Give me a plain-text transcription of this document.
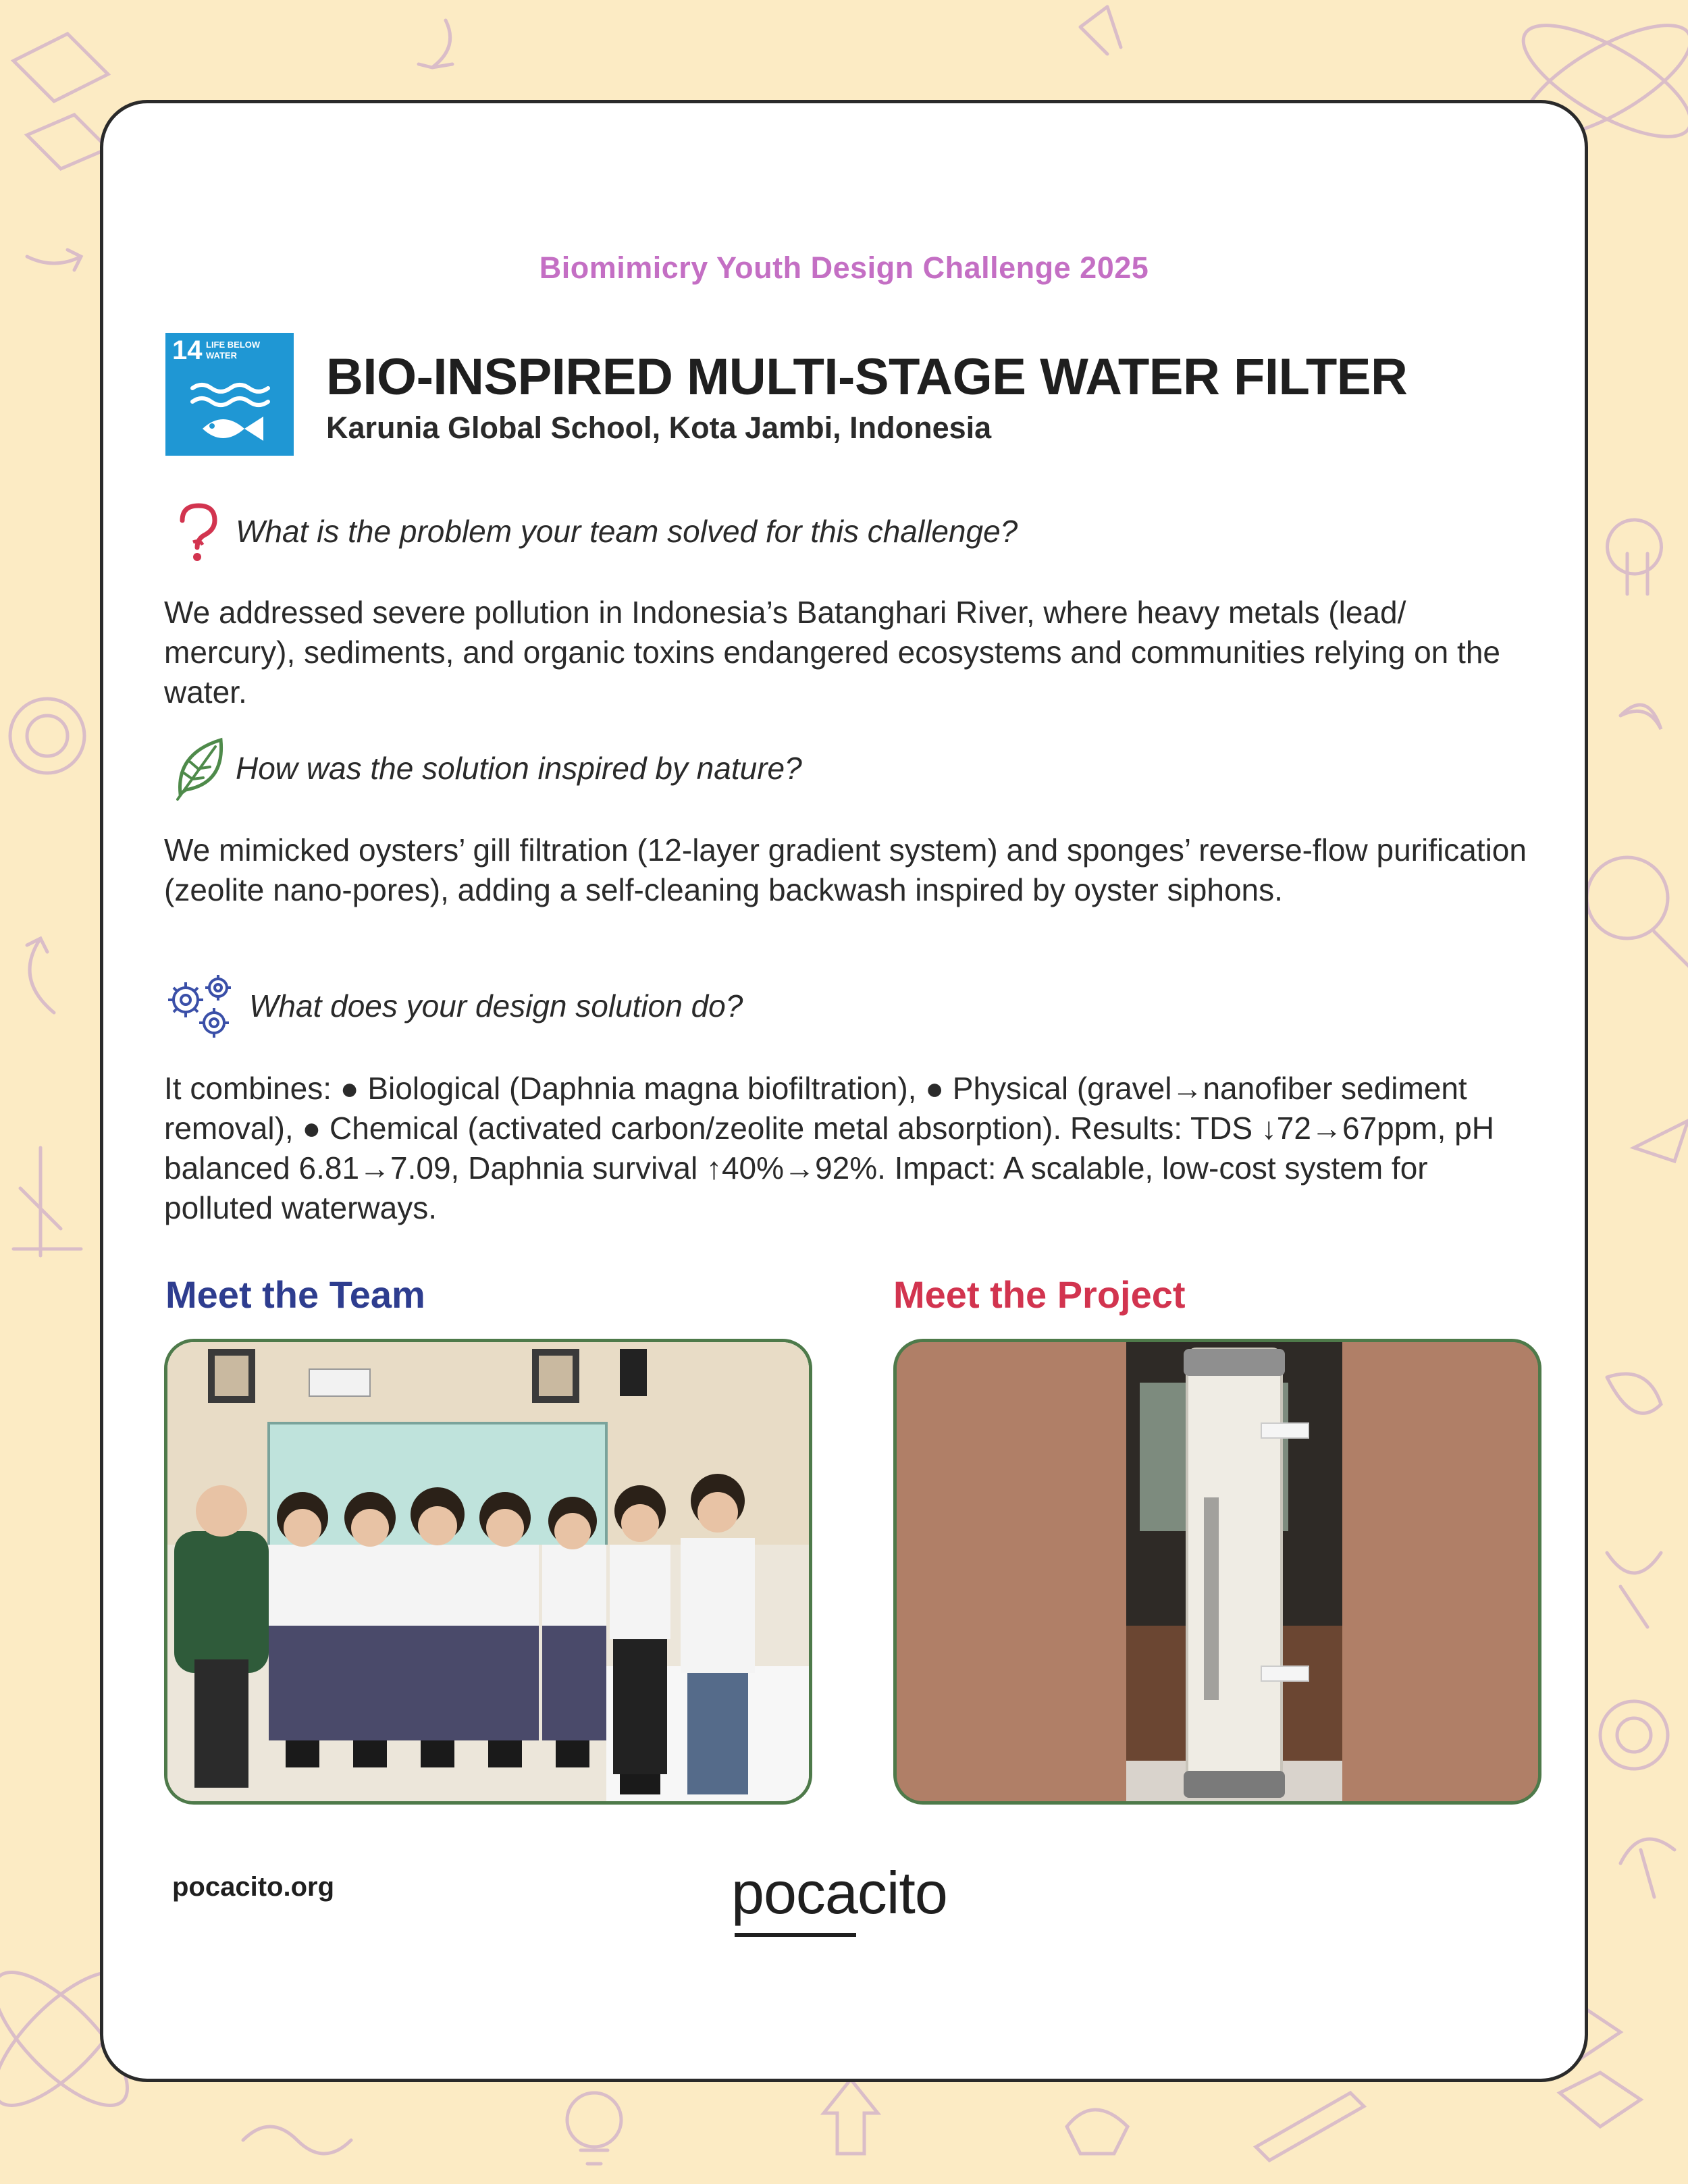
Biomimicry Youth Design Challenge 2025
14 LIFE BELOW WATER	BIO-INSPIRED MULTI-STAGE WATER FILTER
Karunia Global School, Kota Jambi, Indonesia
What is the problem your team solved for this challenge?
We addressed severe pollution in Indonesia’s Batanghari River, where heavy metals (lead/ mercury), sediments, and organic toxins endangered ecosystems and communities relying on the water.
How was the solution inspired by nature?
We mimicked oysters’ gill filtration (12-layer gradient system) and sponges’ reverse-flow purification (zeolite nano-pores), adding a self-cleaning backwash inspired by oyster siphons.
What does your design solution do?
It combines: ● Biological (Daphnia magna biofiltration), ● Physical (gravel→nanofiber sediment removal), ● Chemical (activated carbon/zeolite metal absorption). Results: TDS ↓72→67ppm, pH balanced 6.81→7.09, Daphnia survival ↑40%→92%. Impact: A scalable, low-cost system for polluted waterways.
Meet the Team	Meet the Project
pocacito.org	pocacito
